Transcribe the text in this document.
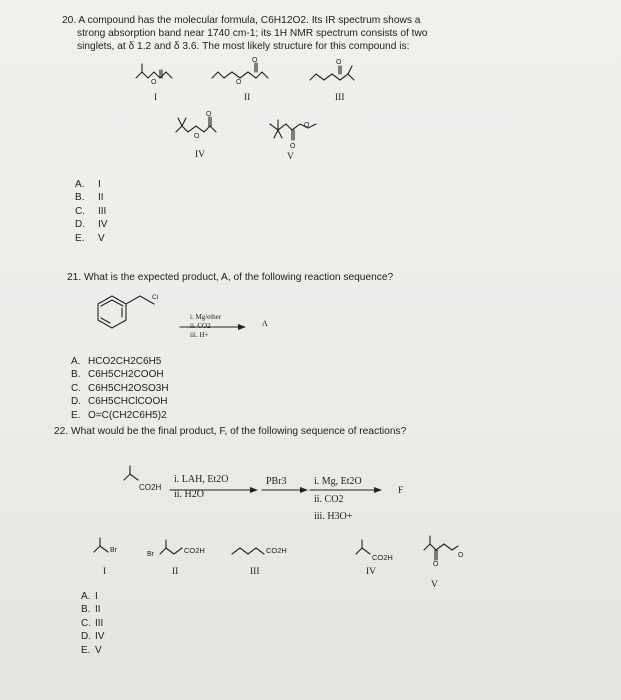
20. A compound has the molecular formula, C6H12O2. Its IR spectrum shows a
strong absorption band near 1740 cm-1; its 1H NMR spectrum consists of two
singlets, at δ 1.2 and δ 3.6. The most likely structure for this compound is:
O
O
O
O
O
O
O
O
I	II	III
IV	V
A. I
B. II
C. III
D. IV
E. V
21. What is the expected product, A, of the following reaction sequence?
Cl
i. Mg/ether
ii. CO2
iii. H+
A
A. HCO2CH2C6H5
B. C6H5CH2COOH
C. C6H5CH2OSO3H
D. C6H5CHClCOOH
E. O=C(CH2C6H5)2
22. What would be the final product, F, of the following sequence of reactions?
CO2H
i. LAH, Et2O
ii. H2O
PBr3	i. Mg, Et2O
ii. CO2
iii. H3O+
F
Br
Br	CO2H	CO2H
CO2H	O
O
I	II	III	IV
V
A. I
B. II
C. III
D. IV
E. V
